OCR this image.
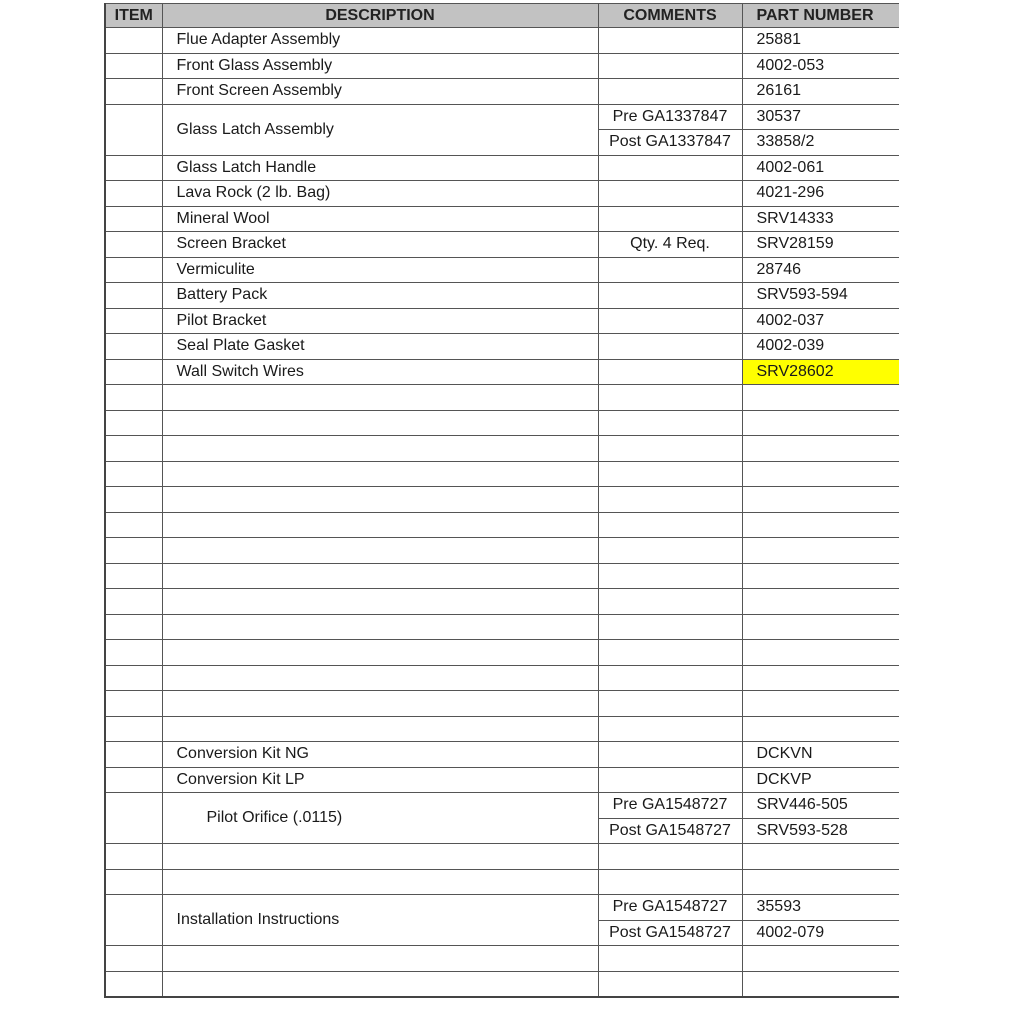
ITEM	DESCRIPTION	COMMENTS	PART NUMBER
	Flue Adapter Assembly		25881
	Front Glass Assembly		4002-053
	Front Screen Assembly		26161
	Glass Latch Assembly	Pre GA1337847	30537
		Post GA1337847	33858/2
	Glass Latch Handle		4002-061
	Lava Rock (2 lb. Bag)		4021-296
	Mineral Wool		SRV14333
	Screen Bracket	Qty. 4 Req.	SRV28159
	Vermiculite		28746
	Battery Pack		SRV593-594
	Pilot Bracket		4002-037
	Seal Plate Gasket		4002-039
	Wall Switch Wires		SRV28602

	Conversion Kit NG		DCKVN
	Conversion Kit LP		DCKVP
	Pilot Orifice (.0115)	Pre GA1548727	SRV446-505
		Post GA1548727	SRV593-528

	Installation Instructions	Pre GA1548727	35593
		Post GA1548727	4002-079
